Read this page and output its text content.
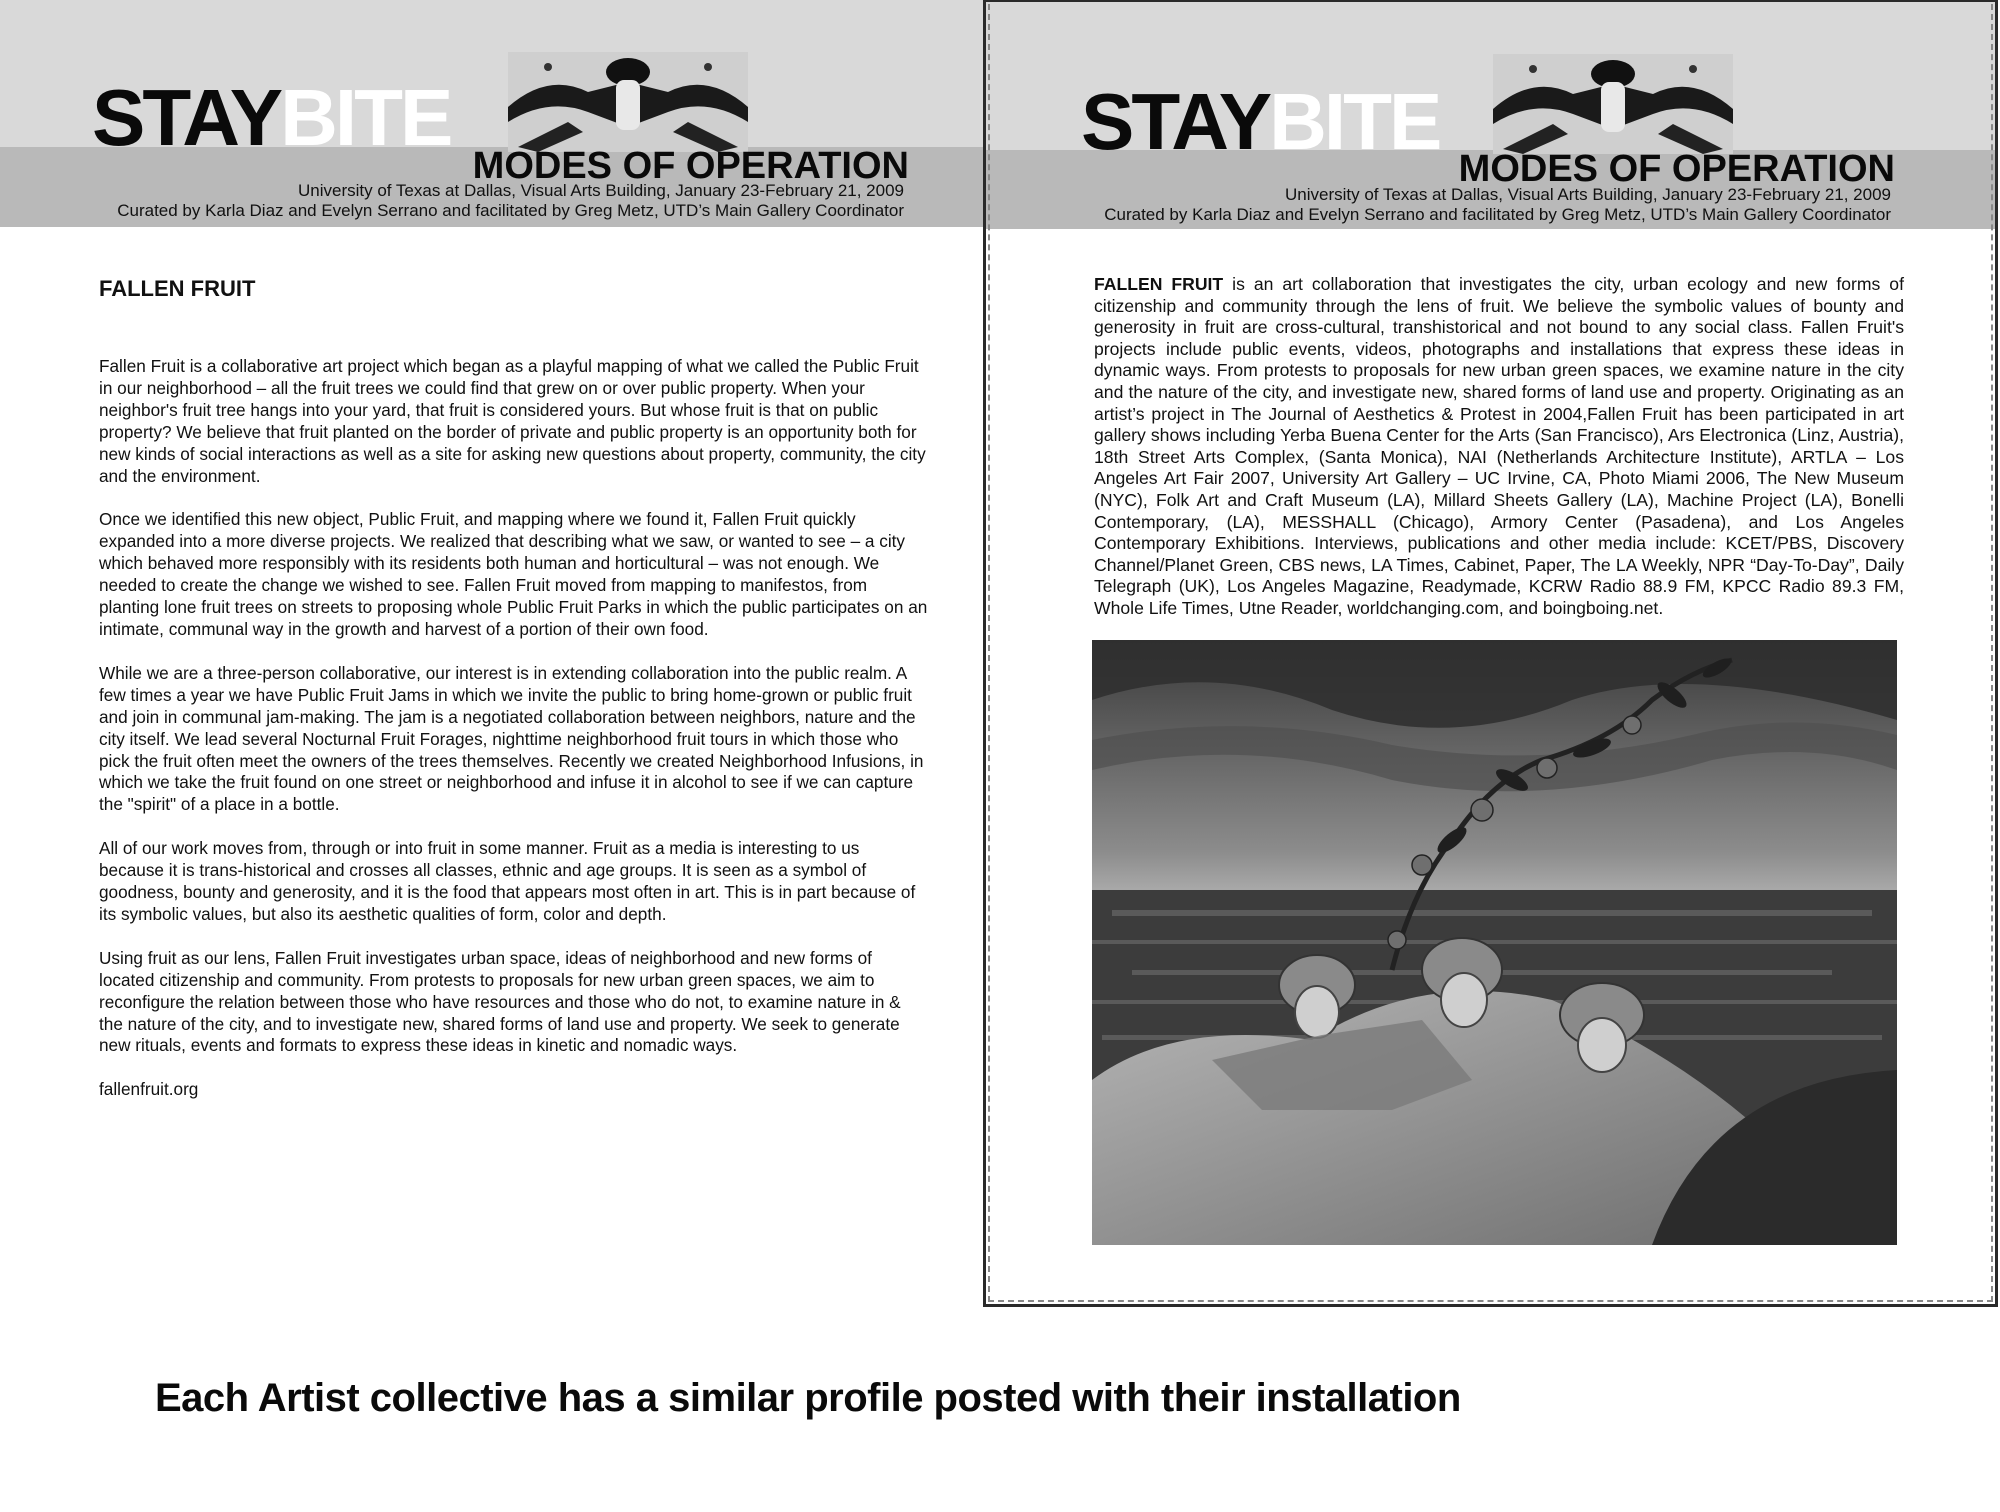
STAYBITE
MODES OF OPERATION
University of Texas at Dallas, Visual Arts Building, January 23-February 21, 2009
Curated by Karla Diaz and Evelyn Serrano and facilitated by Greg Metz, UTD’s Main Gallery Coordinator
FALLEN FRUIT

Fallen Fruit is a collaborative art project which began as a playful mapping of what we called the Public Fruit in our neighborhood – all the fruit trees we could find that grew on or over public property. When your neighbor's fruit tree hangs into your yard, that fruit is considered yours. But whose fruit is that on public property? We believe that fruit planted on the border of private and public property is an opportunity both for new kinds of social interactions as well as a site for asking new questions about property, community, the city and the environment.

Once we identified this new object, Public Fruit, and mapping where we found it, Fallen Fruit quickly expanded into a more diverse projects. We realized that describing what we saw, or wanted to see – a city which behaved more responsibly with its residents both human and horticultural – was not enough. We needed to create the change we wished to see. Fallen Fruit moved from mapping to manifestos, from planting lone fruit trees on streets to proposing whole Public Fruit Parks in which the public participates on an intimate, communal way in the growth and harvest of a portion of their own food.

While we are a three-person collaborative, our interest is in extending collaboration into the public realm. A few times a year we have Public Fruit Jams in which we invite the public to bring home-grown or public fruit and join in communal jam-making. The jam is a negotiated collaboration between neighbors, nature and the city itself. We lead several Nocturnal Fruit Forages, nighttime neighborhood fruit tours in which those who pick the fruit often meet the owners of the trees themselves. Recently we created Neighborhood Infusions, in which we take the fruit found on one street or neighborhood and infuse it in alcohol to see if we can capture the "spirit" of a place in a bottle.

All of our work moves from, through or into fruit in some manner. Fruit as a media is interesting to us because it is trans-historical and crosses all classes, ethnic and age groups. It is seen as a symbol of goodness, bounty and generosity, and it is the food that appears most often in art. This is in part because of its symbolic values, but also its aesthetic qualities of form, color and depth.

Using fruit as our lens, Fallen Fruit investigates urban space, ideas of neighborhood and new forms of located citizenship and community. From protests to proposals for new urban green spaces, we aim to reconfigure the relation between those who have resources and those who do not, to examine nature in & the nature of the city, and to investigate new, shared forms of land use and property. We seek to generate new rituals, events and formats to express these ideas in kinetic and nomadic ways.

fallenfruit.org

STAYBITE
MODES OF OPERATION
University of Texas at Dallas, Visual Arts Building, January 23-February 21, 2009
Curated by Karla Diaz and Evelyn Serrano and facilitated by Greg Metz, UTD’s Main Gallery Coordinator
FALLEN FRUIT is an art collaboration that investigates the city, urban ecology and new forms of citizenship and community through the lens of fruit. We believe the symbolic values of bounty and generosity in fruit are cross-cultural, transhistorical and not bound to any social class. Fallen Fruit's projects include public events, videos, photographs and installations that express these ideas in dynamic ways. From protests to proposals for new urban green spaces, we examine nature in the city and the nature of the city, and investigate new, shared forms of land use and property. Originating as an artist’s project in The Journal of Aesthetics & Protest in 2004,Fallen Fruit has been participated in art gallery shows including Yerba Buena Center for the Arts (San Francisco), Ars Electronica (Linz, Austria), 18th Street Arts Complex, (Santa Monica), NAI (Netherlands Architecture Institute), ARTLA – Los Angeles Art Fair 2007, University Art Gallery – UC Irvine, CA, Photo Miami 2006, The New Museum (NYC), Folk Art and Craft Museum (LA), Millard Sheets Gallery (LA), Machine Project (LA), Bonelli Contemporary, (LA), MESSHALL (Chicago), Armory Center (Pasadena), and Los Angeles Contemporary Exhibitions. Interviews, publications and other media include: KCET/PBS, Discovery Channel/Planet Green, CBS news, LA Times, Cabinet, Paper, The LA Weekly, NPR “Day-To-Day”, Daily Telegraph (UK), Los Angeles Magazine, Readymade, KCRW Radio 88.9 FM, KPCC Radio 89.3 FM, Whole Life Times, Utne Reader, worldchanging.com, and boingboing.net.
Each Artist collective has a similar profile posted with their installation
